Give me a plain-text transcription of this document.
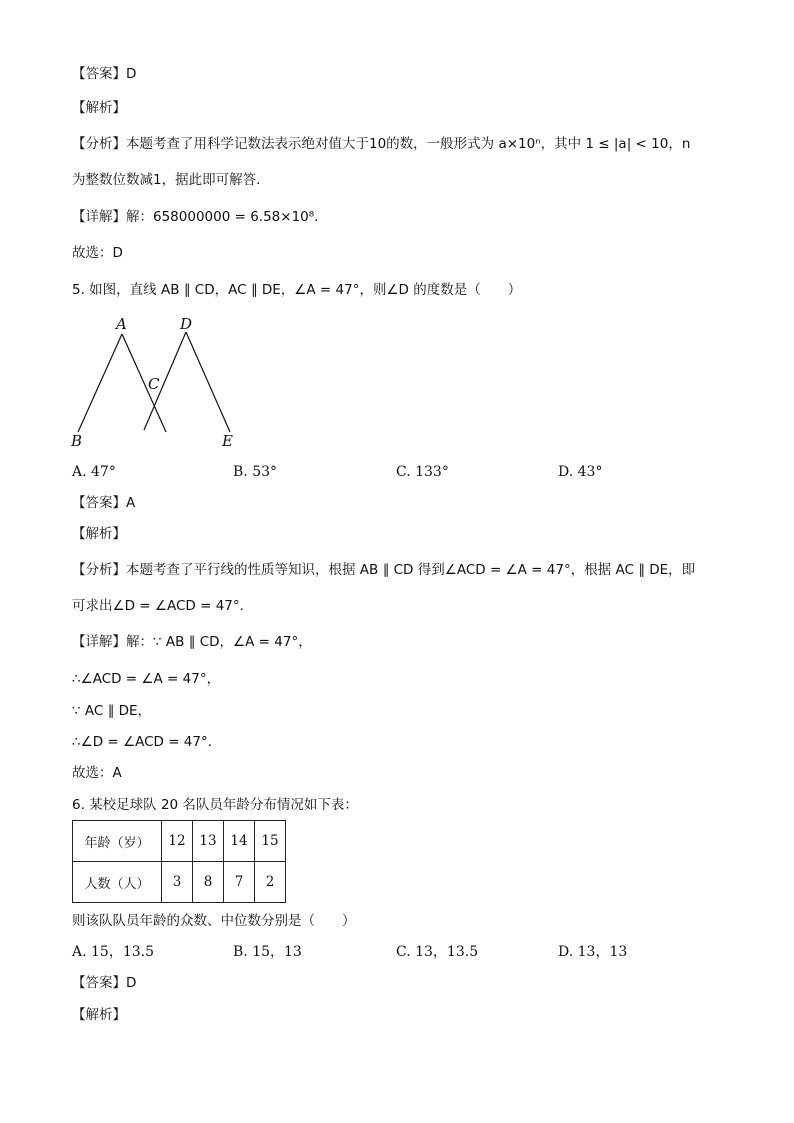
【答案】D
【解析】
【分析】本题考查了用科学记数法表示绝对值大于10的数，一般形式为 a×10ⁿ，其中 1 ≤ |a| < 10，n
为整数位数减1，据此即可解答．
【详解】解：658000000 = 6.58×10⁸．
故选：D
5. 如图，直线 AB ∥ CD，AC ∥ DE，∠A = 47°，则∠D 的度数是（　　）
A	D
C
B	E
A. 47°	B. 53°	C. 133°	D. 43°
【答案】A
【解析】
【分析】本题考查了平行线的性质等知识，根据 AB ∥ CD 得到∠ACD = ∠A = 47°，根据 AC ∥ DE，即
可求出∠D = ∠ACD = 47°．
【详解】解：∵ AB ∥ CD，∠A = 47°，
∴∠ACD = ∠A = 47°，
∵ AC ∥ DE，
∴∠D = ∠ACD = 47°．
故选：A
6. 某校足球队 20 名队员年龄分布情况如下表：
年龄（岁）	12	13	14	15
人数（人）	3	8	7	2
则该队队员年龄的众数、中位数分别是（　　）
A. 15，13.5	B. 15，13	C. 13，13.5	D. 13，13
【答案】D
【解析】
